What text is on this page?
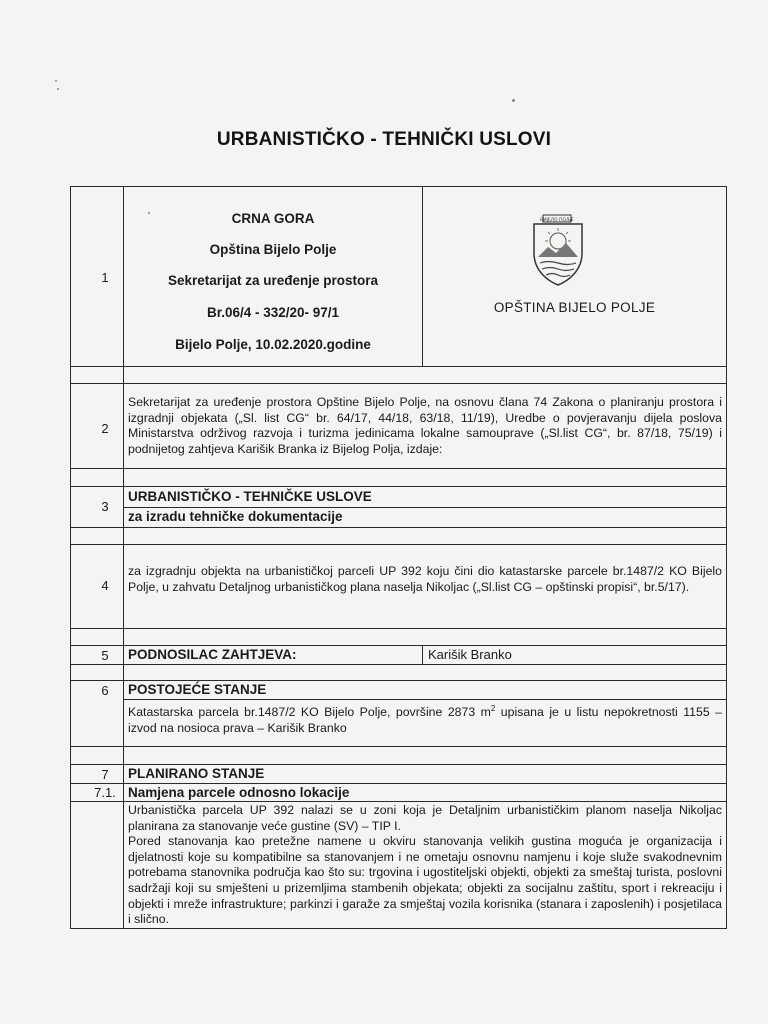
URBANISTIČKO - TEHNIČKI USLOVI
1
CRNA GORA
Opština Bijelo Polje
Sekretarijat za uređenje prostora
Br.06/4 - 332/20- 97/1
Bijelo Polje, 10.02.2020.godine
БИЈЕЛО ПОЉЕ
OPŠTINA BIJELO POLJE
2
Sekretarijat za uređenje prostora Opštine Bijelo Polje, na osnovu člana 74 Zakona o planiranju prostora i izgradnji objekata („Sl. list CG“ br. 64/17, 44/18, 63/18, 11/19), Uredbe o povjeravanju dijela poslova Ministarstva održivog razvoja i turizma jedinicama lokalne samouprave („Sl.list CG“, br. 87/18, 75/19) i podnijetog zahtjeva Karišik Branka iz Bijelog Polja, izdaje:
3
URBANISTIČKO - TEHNIČKE USLOVE
za izradu tehničke dokumentacije
4
za izgradnju objekta na urbanističkoj parceli UP 392 koju čini dio katastarske parcele br.1487/2 KO Bijelo Polje, u zahvatu Detaljnog urbanističkog plana naselja Nikoljac („Sl.list CG – opštinski propisi“, br.5/17).
5	PODNOSILAC ZAHTJEVA:	Karišik Branko
6	POSTOJEĆE STANJE
Katastarska parcela br.1487/2 KO Bijelo Polje, površine 2873 $m^2$ upisana je u listu nepokretnosti 1155 – izvod na nosioca prava – Karišik Branko
7	PLANIRANO STANJE
7.1. Namjena parcele odnosno lokacije
Urbanistička parcela UP 392 nalazi se u zoni koja je Detaljnim urbanističkim planom naselja Nikoljac planirana za stanovanje veće gustine (SV) – TIP I.
Pored stanovanja kao pretežne namene u okviru stanovanja velikih gustina moguća je organizacija i djelatnosti koje su kompatibilne sa stanovanjem i ne ometaju osnovnu namjenu i koje služe svakodnevnim potrebama stanovnika područja kao što su: trgovina i ugostiteljski objekti, objekti za smeštaj turista, poslovni sadržaji koji su smješteni u prizemljima stambenih objekata; objekti za socijalnu zaštitu, sport i rekreaciju i objekti i mreže infrastrukture; parkinzi i garaže za smještaj vozila korisnika (stanara i zaposlenih) i posjetilaca i slično.
